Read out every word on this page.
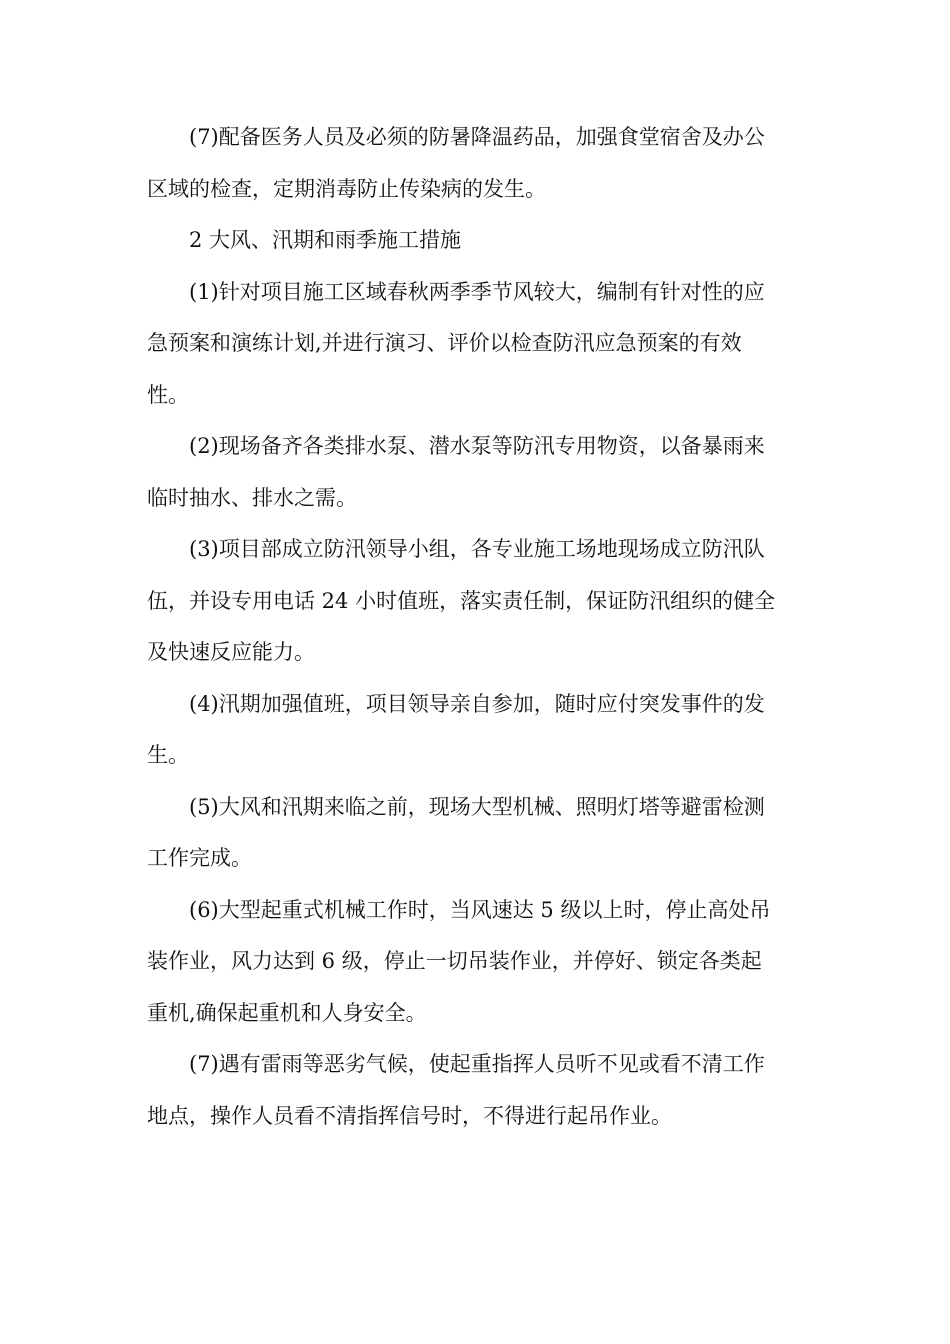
(7)配备医务人员及必须的防暑降温药品，加强食堂宿舍及办公
区域的检查，定期消毒防止传染病的发生。
2 大风、汛期和雨季施工措施
(1)针对项目施工区域春秋两季季节风较大，编制有针对性的应
急预案和演练计划,并进行演习、评价以检查防汛应急预案的有效
性。
(2)现场备齐各类排水泵、潜水泵等防汛专用物资，以备暴雨来
临时抽水、排水之需。
(3)项目部成立防汛领导小组，各专业施工场地现场成立防汛队
伍，并设专用电话 24 小时值班，落实责任制，保证防汛组织的健全
及快速反应能力。
(4)汛期加强值班，项目领导亲自参加，随时应付突发事件的发
生。
(5)大风和汛期来临之前，现场大型机械、照明灯塔等避雷检测
工作完成。
(6)大型起重式机械工作时，当风速达 5 级以上时，停止高处吊
装作业，风力达到 6 级，停止一切吊装作业，并停好、锁定各类起
重机,确保起重机和人身安全。
(7)遇有雷雨等恶劣气候，使起重指挥人员听不见或看不清工作
地点，操作人员看不清指挥信号时，不得进行起吊作业。
